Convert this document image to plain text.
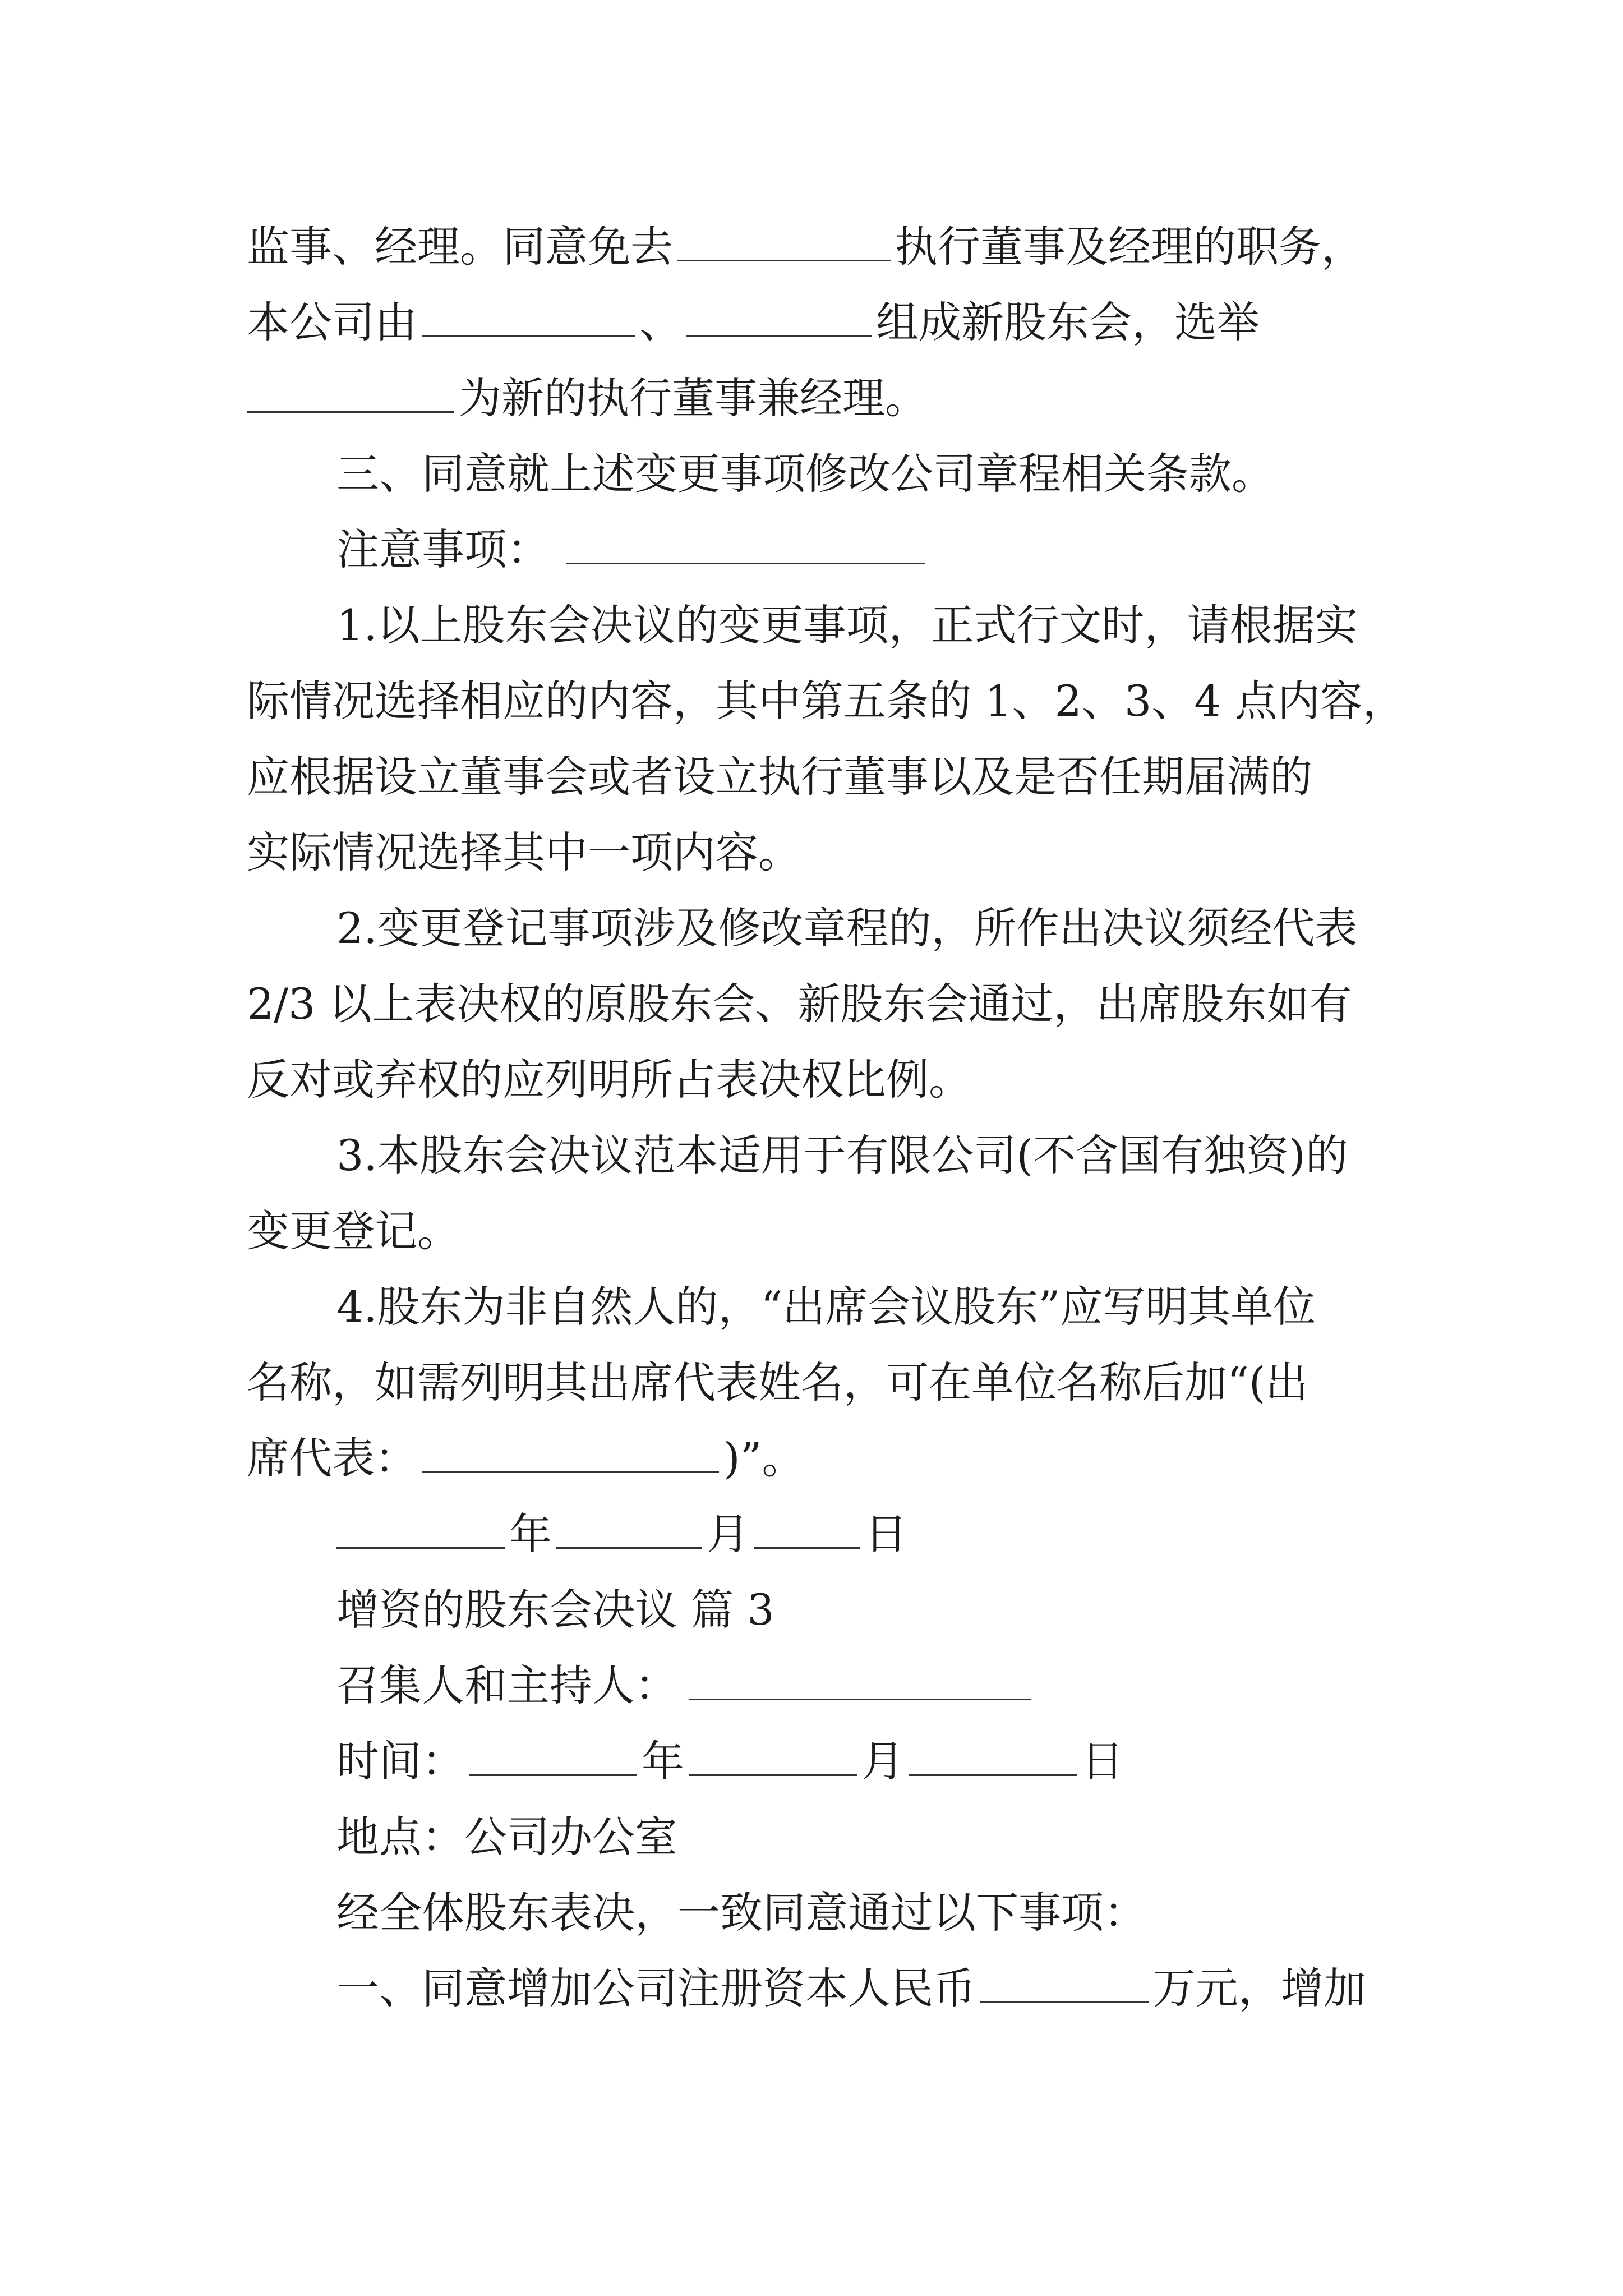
监事、经理。同意免去	执行董事及经理的职务，
本公司由	、	组成新股东会，选举
为新的执行董事兼经理。
三、同意就上述变更事项修改公司章程相关条款。
注意事项：
1.以上股东会决议的变更事项，正式行文时，请根据实
际情况选择相应的内容，其中第五条的 1、2、3、4 点内容，
应根据设立董事会或者设立执行董事以及是否任期届满的
实际情况选择其中一项内容。
2.变更登记事项涉及修改章程的，所作出决议须经代表
2/3 以上表决权的原股东会、新股东会通过，出席股东如有
反对或弃权的应列明所占表决权比例。
3.本股东会决议范本适用于有限公司(不含国有独资)的
变更登记。
4.股东为非自然人的，“出席会议股东”应写明其单位
名称，如需列明其出席代表姓名，可在单位名称后加“(出
席代表：	)”。
年	月	日
增资的股东会决议 篇 3
召集人和主持人：
时间：	年	月	日
地点：公司办公室
经全体股东表决，一致同意通过以下事项：
一、同意增加公司注册资本人民币	万元，增加
